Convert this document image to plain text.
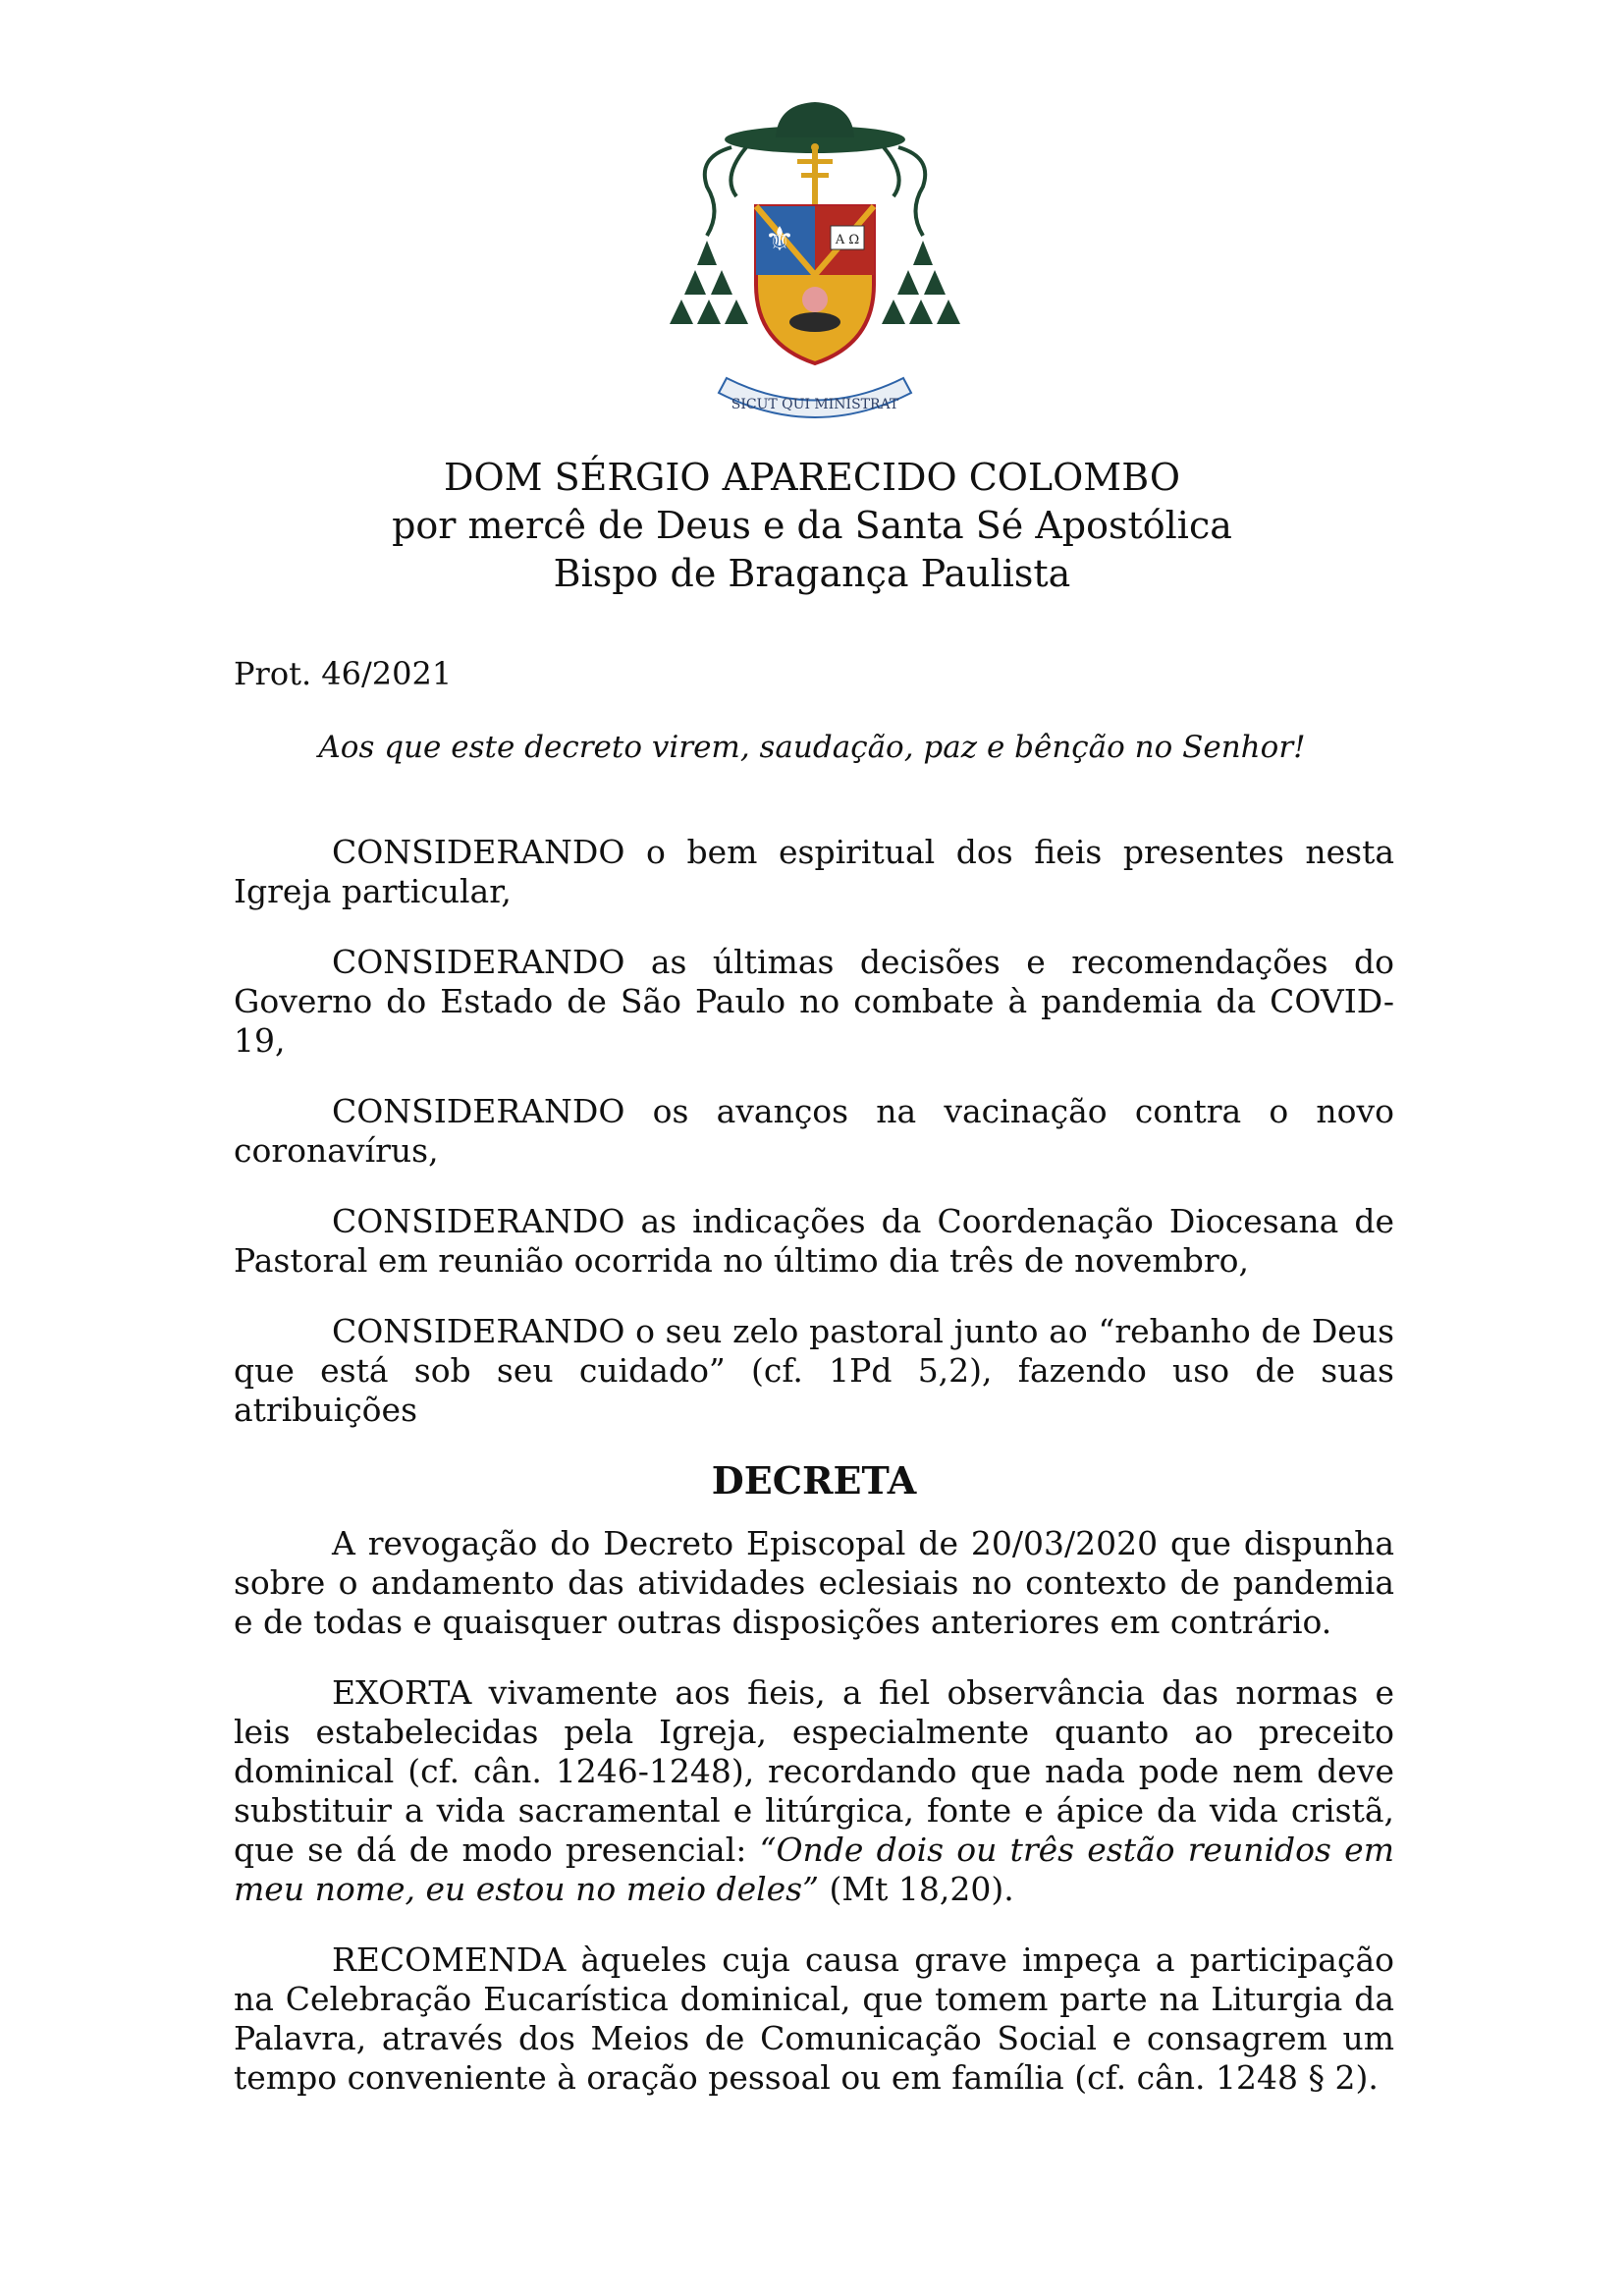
⚜	A Ω
SICUT QUI MINISTRAT
DOM SÉRGIO APARECIDO COLOMBO
por mercê de Deus e da Santa Sé Apostólica
Bispo de Bragança Paulista
Prot. 46/2021
Aos que este decreto virem, saudação, paz e bênção no Senhor!

CONSIDERANDO o bem espiritual dos fieis presentes nesta Igreja particular,

CONSIDERANDO as últimas decisões e recomendações do Governo do Estado de São Paulo no combate à pandemia da COVID-19,

CONSIDERANDO os avanços na vacinação contra o novo coronavírus,

CONSIDERANDO as indicações da Coordenação Diocesana de Pastoral em reunião ocorrida no último dia três de novembro,

CONSIDERANDO o seu zelo pastoral junto ao “rebanho de Deus que está sob seu cuidado” (cf. 1Pd 5,2), fazendo uso de suas atribuições

DECRETA

A revogação do Decreto Episcopal de 20/03/2020 que dispunha sobre o andamento das atividades eclesiais no contexto de pandemia e de todas e quaisquer outras disposições anteriores em contrário.

EXORTA vivamente aos fieis, a fiel observância das normas e leis estabelecidas pela Igreja, especialmente quanto ao preceito dominical (cf. cân. 1246-1248), recordando que nada pode nem deve substituir a vida sacramental e litúrgica, fonte e ápice da vida cristã, que se dá de modo presencial: “Onde dois ou três estão reunidos em meu nome, eu estou no meio deles” (Mt 18,20).

RECOMENDA àqueles cuja causa grave impeça a participação na Celebração Eucarística dominical, que tomem parte na Liturgia da Palavra, através dos Meios de Comunicação Social e consagrem um tempo conveniente à oração pessoal ou em família (cf. cân. 1248 § 2).
